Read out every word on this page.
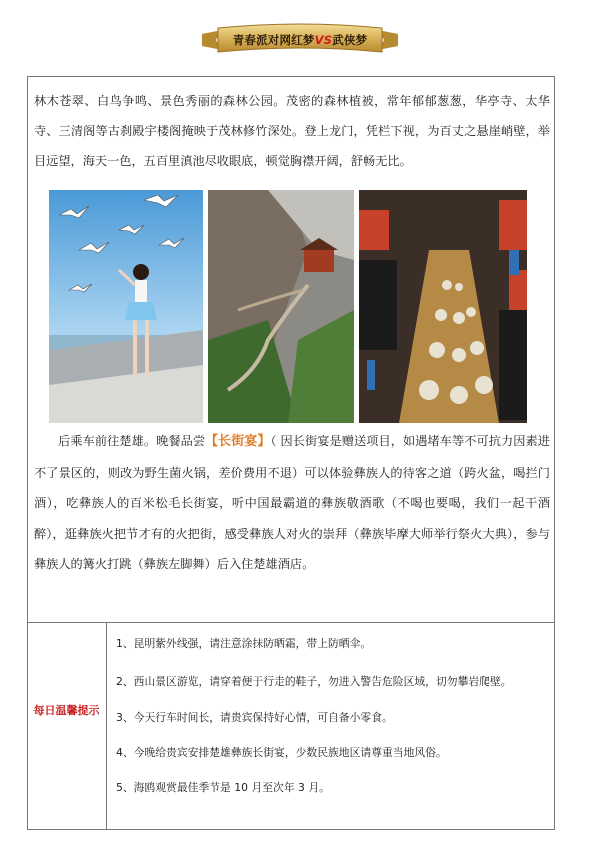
青春派对网红梦VS武侠梦

林木苍翠、白鸟争鸣、景色秀丽的森林公园。茂密的森林植被，常年郁郁葱葱，华亭寺、太华寺、三清阁等古刹殿宇楼阁掩映于茂林修竹深处。登上龙门，凭栏下视，为百丈之悬崖峭壁，举目远望，海天一色，五百里滇池尽收眼底，顿觉胸襟开阔，舒畅无比。

后乘车前往楚雄。晚餐品尝【长街宴】（ 因长街宴是赠送项目，如遇堵车等不可抗力因素进不了景区的，则改为野生菌火锅，差价费用不退）可以体验彝族人的待客之道（跨火盆，喝拦门酒），吃彝族人的百米松毛长街宴，听中国最霸道的彝族敬酒歌（不喝也要喝，我们一起干酒醉），逛彝族火把节才有的火把街，感受彝族人对火的崇拜（彝族毕摩大师举行祭火大典），参与彝族人的篝火打跳（彝族左脚舞）后入住楚雄酒店。

每日温馨提示
1、昆明紫外线强，请注意涂抹防晒霜，带上防晒伞。
2、西山景区游览，请穿着便于行走的鞋子，勿进入警告危险区域，切勿攀岩爬壁。
3、今天行车时间长，请贵宾保持好心情，可自备小零食。
4、今晚给贵宾安排楚雄彝族长街宴，少数民族地区请尊重当地风俗。
5、海鸥观赏最佳季节是 10 月至次年 3 月。
